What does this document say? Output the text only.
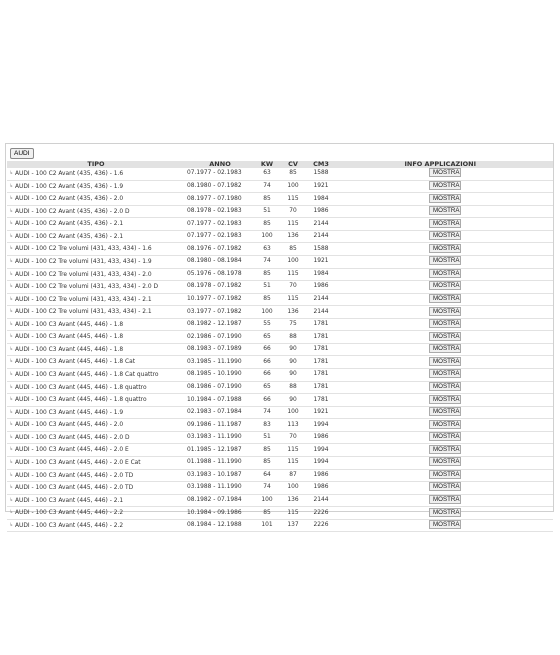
AUDI
TIPO	ANNO	KW	CV	CM3	INFO APPLICAZIONI
↳ AUDI - 100 C2 Avant (435, 436) - 1.6	07.1977 - 02.1983	63	85	1588	MOSTRA
↳ AUDI - 100 C2 Avant (435, 436) - 1.9	08.1980 - 07.1982	74	100	1921	MOSTRA
↳ AUDI - 100 C2 Avant (435, 436) - 2.0	08.1977 - 07.1980	85	115	1984	MOSTRA
↳ AUDI - 100 C2 Avant (435, 436) - 2.0 D	08.1978 - 02.1983	51	70	1986	MOSTRA
↳ AUDI - 100 C2 Avant (435, 436) - 2.1	07.1977 - 02.1983	85	115	2144	MOSTRA
↳ AUDI - 100 C2 Avant (435, 436) - 2.1	07.1977 - 02.1983	100	136	2144	MOSTRA
↳ AUDI - 100 C2 Tre volumi (431, 433, 434) - 1.6	08.1976 - 07.1982	63	85	1588	MOSTRA
↳ AUDI - 100 C2 Tre volumi (431, 433, 434) - 1.9	08.1980 - 08.1984	74	100	1921	MOSTRA
↳ AUDI - 100 C2 Tre volumi (431, 433, 434) - 2.0	05.1976 - 08.1978	85	115	1984	MOSTRA
↳ AUDI - 100 C2 Tre volumi (431, 433, 434) - 2.0 D	08.1978 - 07.1982	51	70	1986	MOSTRA
↳ AUDI - 100 C2 Tre volumi (431, 433, 434) - 2.1	10.1977 - 07.1982	85	115	2144	MOSTRA
↳ AUDI - 100 C2 Tre volumi (431, 433, 434) - 2.1	03.1977 - 07.1982	100	136	2144	MOSTRA
↳ AUDI - 100 C3 Avant (445, 446) - 1.8	08.1982 - 12.1987	55	75	1781	MOSTRA
↳ AUDI - 100 C3 Avant (445, 446) - 1.8	02.1986 - 07.1990	65	88	1781	MOSTRA
↳ AUDI - 100 C3 Avant (445, 446) - 1.8	08.1983 - 07.1989	66	90	1781	MOSTRA
↳ AUDI - 100 C3 Avant (445, 446) - 1.8 Cat	03.1985 - 11.1990	66	90	1781	MOSTRA
↳ AUDI - 100 C3 Avant (445, 446) - 1.8 Cat quattro	08.1985 - 10.1990	66	90	1781	MOSTRA
↳ AUDI - 100 C3 Avant (445, 446) - 1.8 quattro	08.1986 - 07.1990	65	88	1781	MOSTRA
↳ AUDI - 100 C3 Avant (445, 446) - 1.8 quattro	10.1984 - 07.1988	66	90	1781	MOSTRA
↳ AUDI - 100 C3 Avant (445, 446) - 1.9	02.1983 - 07.1984	74	100	1921	MOSTRA
↳ AUDI - 100 C3 Avant (445, 446) - 2.0	09.1986 - 11.1987	83	113	1994	MOSTRA
↳ AUDI - 100 C3 Avant (445, 446) - 2.0 D	03.1983 - 11.1990	51	70	1986	MOSTRA
↳ AUDI - 100 C3 Avant (445, 446) - 2.0 E	01.1985 - 12.1987	85	115	1994	MOSTRA
↳ AUDI - 100 C3 Avant (445, 446) - 2.0 E Cat	01.1988 - 11.1990	85	115	1994	MOSTRA
↳ AUDI - 100 C3 Avant (445, 446) - 2.0 TD	03.1983 - 10.1987	64	87	1986	MOSTRA
↳ AUDI - 100 C3 Avant (445, 446) - 2.0 TD	03.1988 - 11.1990	74	100	1986	MOSTRA
↳ AUDI - 100 C3 Avant (445, 446) - 2.1	08.1982 - 07.1984	100	136	2144	MOSTRA
↳ AUDI - 100 C3 Avant (445, 446) - 2.2	10.1984 - 09.1986	85	115	2226	MOSTRA
↳ AUDI - 100 C3 Avant (445, 446) - 2.2	08.1984 - 12.1988	101	137	2226	MOSTRA
